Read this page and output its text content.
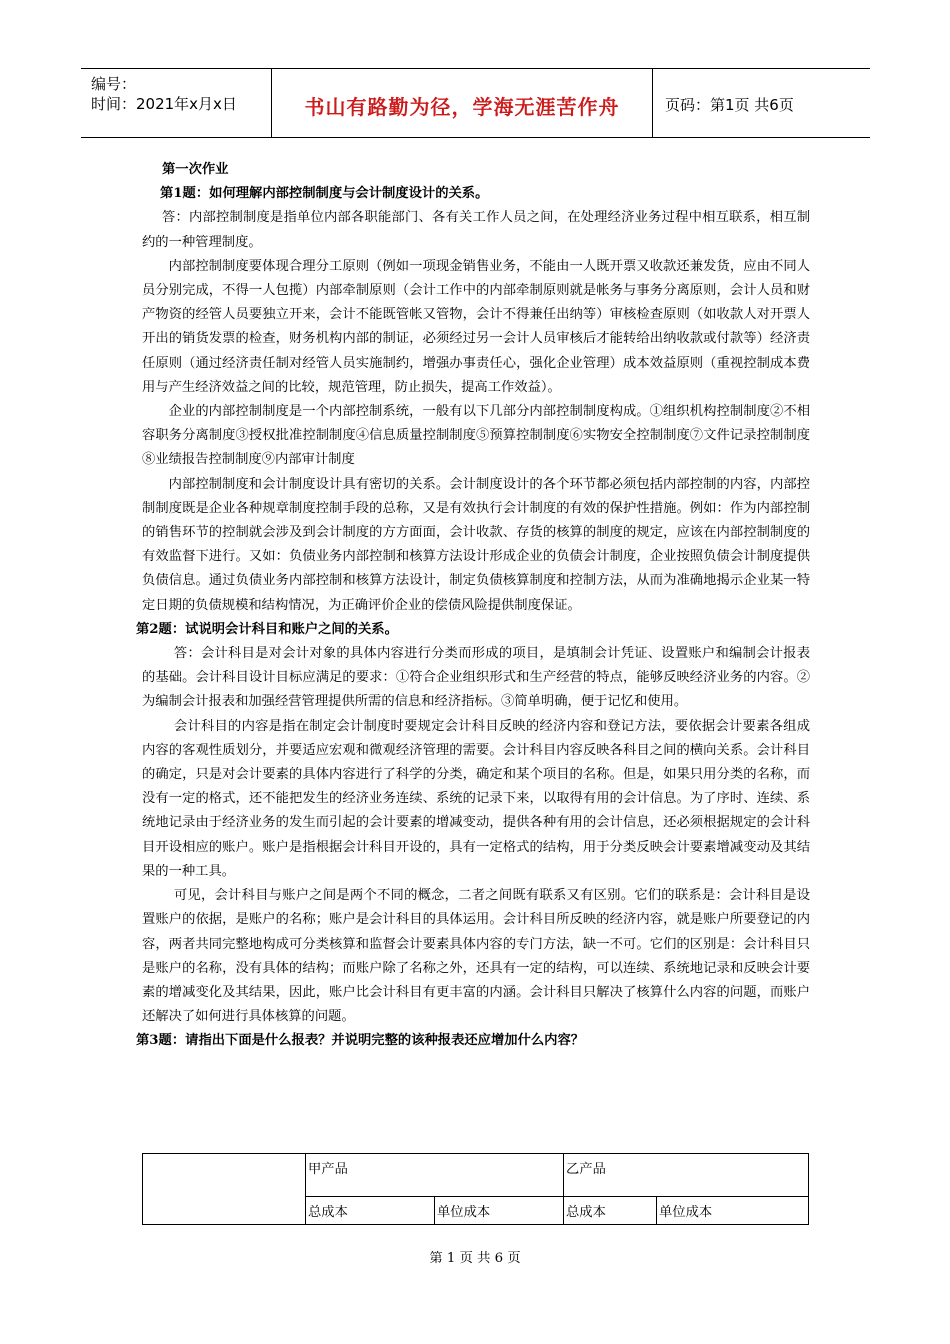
编号：
时间：2021年x月x日	书山有路勤为径，学海无涯苦作舟	页码：第1页 共6页

第一次作业

第1题：如何理解内部控制制度与会计制度设计的关系。

答：内部控制制度是指单位内部各职能部门、各有关工作人员之间，在处理经济业务过程中相互联系，相互制约的一种管理制度。

内部控制制度要体现合理分工原则（例如一项现金销售业务，不能由一人既开票又收款还兼发货，应由不同人员分别完成，不得一人包揽）内部牵制原则（会计工作中的内部牵制原则就是帐务与事务分离原则，会计人员和财产物资的经管人员要独立开来，会计不能既管帐又管物，会计不得兼任出纳等）审核检查原则（如收款人对开票人开出的销货发票的检查，财务机构内部的制证，必须经过另一会计人员审核后才能转给出纳收款或付款等）经济责任原则（通过经济责任制对经管人员实施制约，增强办事责任心，强化企业管理）成本效益原则（重视控制成本费用与产生经济效益之间的比较，规范管理，防止损失，提高工作效益）。

企业的内部控制制度是一个内部控制系统，一般有以下几部分内部控制制度构成。①组织机构控制制度②不相容职务分离制度③授权批准控制制度④信息质量控制制度⑤预算控制制度⑥实物安全控制制度⑦文件记录控制制度⑧业绩报告控制制度⑨内部审计制度

内部控制制度和会计制度设计具有密切的关系。会计制度设计的各个环节都必须包括内部控制的内容，内部控制制度既是企业各种规章制度控制手段的总称，又是有效执行会计制度的有效的保护性措施。例如：作为内部控制的销售环节的控制就会涉及到会计制度的方方面面，会计收款、存货的核算的制度的规定，应该在内部控制制度的有效监督下进行。又如：负债业务内部控制和核算方法设计形成企业的负债会计制度，企业按照负债会计制度提供负债信息。通过负债业务内部控制和核算方法设计，制定负债核算制度和控制方法，从而为准确地揭示企业某一特定日期的负债规模和结构情况，为正确评价企业的偿债风险提供制度保证。

第2题：试说明会计科目和账户之间的关系。

答：会计科目是对会计对象的具体内容进行分类而形成的项目，是填制会计凭证、设置账户和编制会计报表的基础。会计科目设计目标应满足的要求：①符合企业组织形式和生产经营的特点，能够反映经济业务的内容。②为编制会计报表和加强经营管理提供所需的信息和经济指标。③简单明确，便于记忆和使用。

会计科目的内容是指在制定会计制度时要规定会计科目反映的经济内容和登记方法，要依据会计要素各组成内容的客观性质划分，并要适应宏观和微观经济管理的需要。会计科目内容反映各科目之间的横向关系。会计科目的确定，只是对会计要素的具体内容进行了科学的分类，确定和某个项目的名称。但是，如果只用分类的名称，而没有一定的格式，还不能把发生的经济业务连续、系统的记录下来，以取得有用的会计信息。为了序时、连续、系统地记录由于经济业务的发生而引起的会计要素的增减变动，提供各种有用的会计信息，还必须根据规定的会计科目开设相应的账户。账户是指根据会计科目开设的，具有一定格式的结构，用于分类反映会计要素增减变动及其结果的一种工具。

可见，会计科目与账户之间是两个不同的概念，二者之间既有联系又有区别。它们的联系是：会计科目是设置账户的依据，是账户的名称；账户是会计科目的具体运用。会计科目所反映的经济内容，就是账户所要登记的内容，两者共同完整地构成可分类核算和监督会计要素具体内容的专门方法，缺一不可。它们的区别是：会计科目只是账户的名称，没有具体的结构；而账户除了名称之外，还具有一定的结构，可以连续、系统地记录和反映会计要素的增减变化及其结果，因此，账户比会计科目有更丰富的内涵。会计科目只解决了核算什么内容的问题，而账户还解决了如何进行具体核算的问题。

第3题：请指出下面是什么报表？并说明完整的该种报表还应增加什么内容？

	甲产品		乙产品	
	总成本	单位成本	总成本	单位成本
第 1 页 共 6 页
